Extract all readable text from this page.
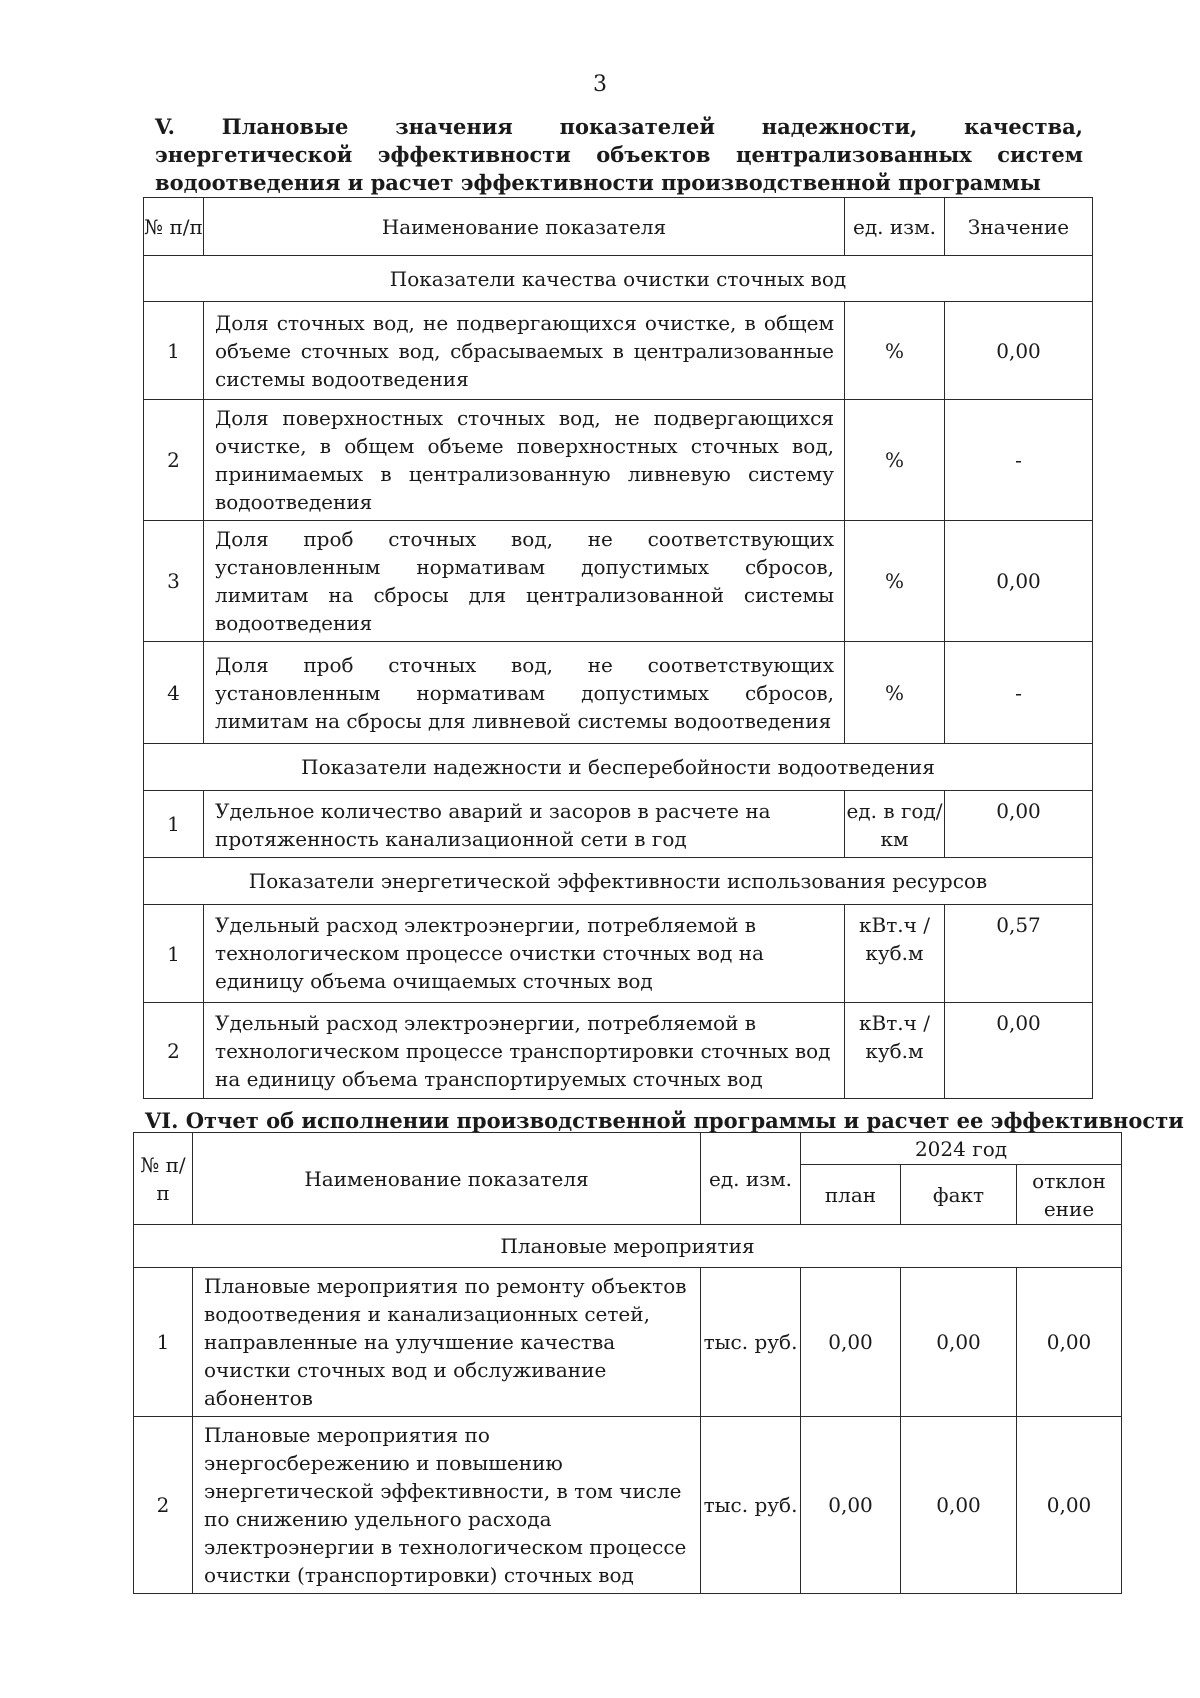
3
V. Плановые значения показателей надежности, качества, энергетической эффективности объектов централизованных систем водоотведения и расчет эффективности производственной программы
№ п/п	Наименование показателя	ед. изм.	Значение
Показатели качества очистки сточных вод			
1	Доля сточных вод, не подвергающихся очистке, в общем объеме сточных вод, сбрасываемых в централизованные системы водоотведения	%	0,00
2	Доля поверхностных сточных вод, не подвергающихся очистке, в общем объеме поверхностных сточных вод, принимаемых в централизованную ливневую систему водоотведения	%	-
3	Доля проб сточных вод, не соответствующих установленным нормативам допустимых сбросов, лимитам на сбросы для централизованной системы водоотведения	%	0,00
4	Доля проб сточных вод, не соответствующих установленным нормативам допустимых сбросов, лимитам на сбросы для ливневой системы водоотведения	%	-
Показатели надежности и бесперебойности водоотведения			
1	Удельное количество аварий и засоров в расчете на протяженность канализационной сети в год	ед. в год/ км	0,00
Показатели энергетической эффективности использования ресурсов			
1	Удельный расход электроэнергии, потребляемой в технологическом процессе очистки сточных вод на единицу объема очищаемых сточных вод	кВт.ч / куб.м	0,57
2	Удельный расход электроэнергии, потребляемой в технологическом процессе транспортировки сточных вод на единицу объема транспортируемых сточных вод	кВт.ч / куб.м	0,00
VI. Отчет об исполнении производственной программы и расчет ее эффективности
№ п/п	Наименование показателя	ед. изм.	2024 год		
			план	факт	отклон ение
Плановые мероприятия					
1	Плановые мероприятия по ремонту объектов водоотведения и канализационных сетей, направленные на улучшение качества очистки сточных вод и обслуживание абонентов	тыс. руб.	0,00	0,00	0,00
2	Плановые мероприятия по энергосбережению и повышению энергетической эффективности, в том числе по снижению удельного расхода электроэнергии в технологическом процессе очистки (транспортировки) сточных вод	тыс. руб.	0,00	0,00	0,00
